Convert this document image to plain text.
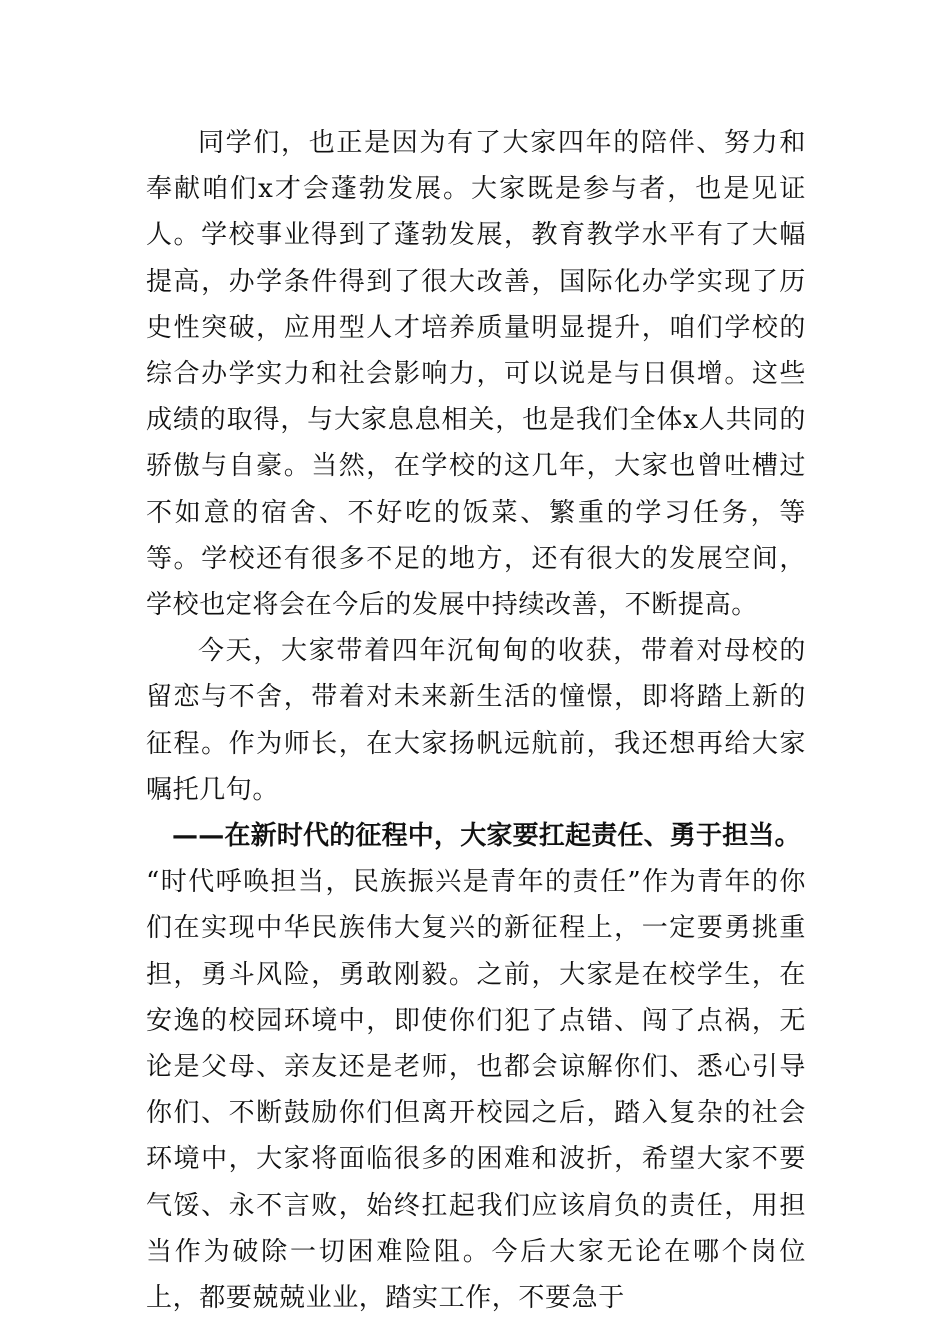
同学们，也正是因为有了大家四年的陪伴、努力和奉献咱们x才会蓬勃发展。大家既是参与者，也是见证人。学校事业得到了蓬勃发展，教育教学水平有了大幅提高，办学条件得到了很大改善，国际化办学实现了历史性突破，应用型人才培养质量明显提升，咱们学校的综合办学实力和社会影响力，可以说是与日俱增。这些成绩的取得，与大家息息相关，也是我们全体x人共同的骄傲与自豪。当然，在学校的这几年，大家也曾吐槽过不如意的宿舍、不好吃的饭菜、繁重的学习任务，等等。学校还有很多不足的地方，还有很大的发展空间，学校也定将会在今后的发展中持续改善，不断提高。

今天，大家带着四年沉甸甸的收获，带着对母校的留恋与不舍，带着对未来新生活的憧憬，即将踏上新的征程。作为师长，在大家扬帆远航前，我还想再给大家嘱托几句。

——在新时代的征程中，大家要扛起责任、勇于担当。

“时代呼唤担当，民族振兴是青年的责任”作为青年的你们在实现中华民族伟大复兴的新征程上，一定要勇挑重担，勇斗风险，勇敢刚毅。之前，大家是在校学生，在安逸的校园环境中，即使你们犯了点错、闯了点祸，无论是父母、亲友还是老师，也都会谅解你们、悉心引导你们、不断鼓励你们但离开校园之后，踏入复杂的社会环境中，大家将面临很多的困难和波折，希望大家不要气馁、永不言败，始终扛起我们应该肩负的责任，用担当作为破除一切困难险阻。今后大家无论在哪个岗位上，都要兢兢业业，踏实工作，不要急于
